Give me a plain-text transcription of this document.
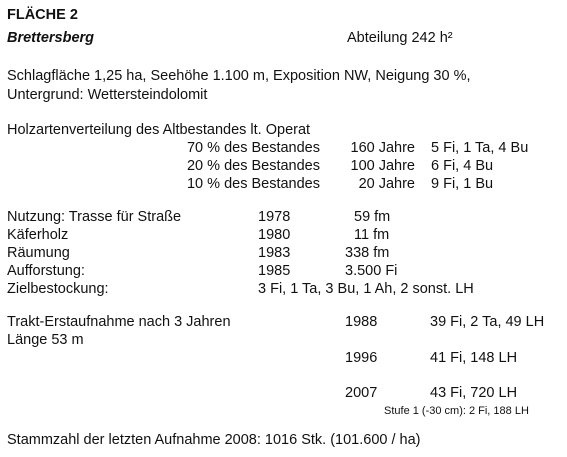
FLÄCHE 2
Brettersberg	Abteilung 242 h²
Schlagfläche 1,25 ha, Seehöhe 1.100 m, Exposition NW, Neigung 30 %,
Untergrund: Wettersteindolomit
Holzartenverteilung des Altbestandes lt. Operat
70 % des Bestandes	160 Jahre 5 Fi, 1 Ta, 4 Bu
20 % des Bestandes	100 Jahre 6 Fi, 4 Bu
10 % des Bestandes	20 Jahre 9 Fi, 1 Bu
Nutzung: Trasse für Straße	1978	59 fm
Käferholz	1980	11 fm
Räumung	1983	338 fm
Aufforstung:	1985	3.500 Fi
Zielbestockung:	3 Fi, 1 Ta, 3 Bu, 1 Ah, 2 sonst. LH
Trakt-Erstaufnahme nach 3 Jahren
Länge 53 m
1988	39 Fi, 2 Ta, 49 LH
1996	41 Fi, 148 LH
2007	43 Fi, 720 LH
Stufe 1 (-30 cm): 2 Fi, 188 LH
Stammzahl der letzten Aufnahme 2008: 1016 Stk. (101.600 / ha)
